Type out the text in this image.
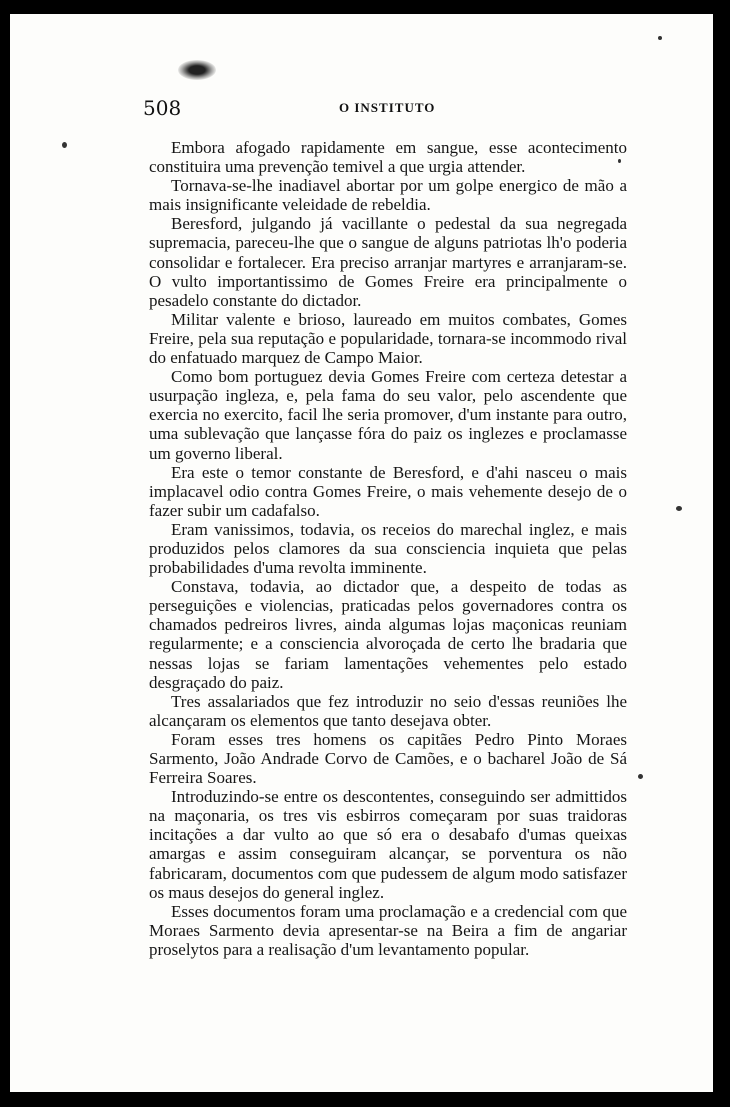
508	O INSTITUTO

Embora afogado rapidamente em sangue, esse acontecimento constituira uma prevenção temivel a que urgia attender.

Tornava-se-lhe inadiavel abortar por um golpe energico de mão a mais insignificante veleidade de rebeldia.

Beresford, julgando já vacillante o pedestal da sua negregada supremacia, pareceu-lhe que o sangue de alguns patriotas lh'o poderia consolidar e fortalecer. Era preciso arranjar martyres e arranjaram-se. O vulto importantissimo de Gomes Freire era principalmente o pesadelo constante do dictador.

Militar valente e brioso, laureado em muitos combates, Gomes Freire, pela sua reputação e popularidade, tornara-se incommodo rival do enfatuado marquez de Campo Maior.

Como bom portuguez devia Gomes Freire com certeza detestar a usurpação ingleza, e, pela fama do seu valor, pelo ascendente que exercia no exercito, facil lhe seria promover, d'um instante para outro, uma sublevação que lançasse fóra do paiz os inglezes e proclamasse um governo liberal.

Era este o temor constante de Beresford, e d'ahi nasceu o mais implacavel odio contra Gomes Freire, o mais vehemente desejo de o fazer subir um cadafalso.

Eram vanissimos, todavia, os receios do marechal inglez, e mais produzidos pelos clamores da sua consciencia inquieta que pelas probabilidades d'uma revolta imminente.

Constava, todavia, ao dictador que, a despeito de todas as perseguições e violencias, praticadas pelos governadores contra os chamados pedreiros livres, ainda algumas lojas maçonicas reuniam regularmente; e a consciencia alvoroçada de certo lhe bradaria que nessas lojas se fariam lamentações vehementes pelo estado desgraçado do paiz.

Tres assalariados que fez introduzir no seio d'essas reuniões lhe alcançaram os elementos que tanto desejava obter.

Foram esses tres homens os capitães Pedro Pinto Moraes Sarmento, João Andrade Corvo de Camões, e o bacharel João de Sá Ferreira Soares.

Introduzindo-se entre os descontentes, conseguindo ser admittidos na maçonaria, os tres vis esbirros começaram por suas traidoras incitações a dar vulto ao que só era o desabafo d'umas queixas amargas e assim conseguiram alcançar, se porventura os não fabricaram, documentos com que pudessem de algum modo satisfazer os maus desejos do general inglez.

Esses documentos foram uma proclamação e a credencial com que Moraes Sarmento devia apresentar-se na Beira a fim de angariar proselytos para a realisação d'um levantamento popular.
